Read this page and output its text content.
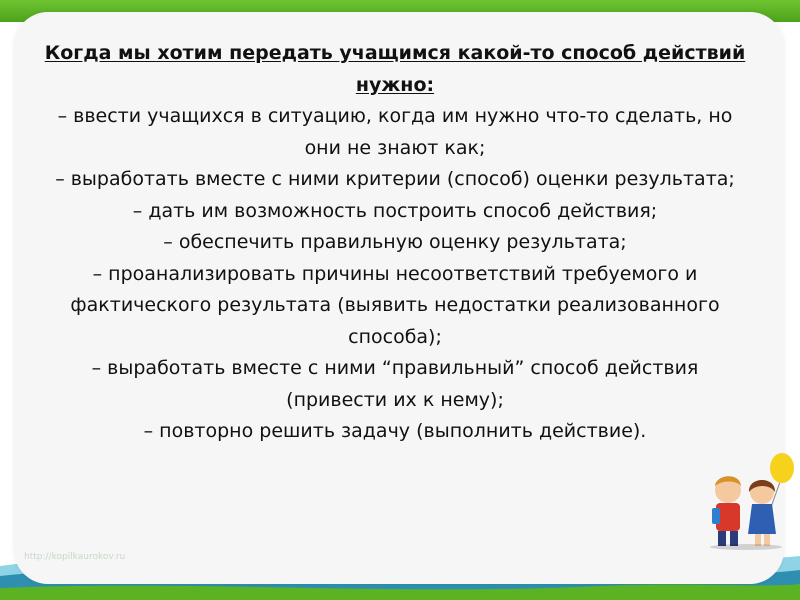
Когда мы хотим передать учащимся какой-то способ действий нужно:
– ввести учащихся в ситуацию, когда им нужно что-то сделать, но они не знают как;
– выработать вместе с ними критерии (способ) оценки результата;
– дать им возможность построить способ действия;
– обеспечить правильную оценку результата;
– проанализировать причины несоответствий требуемого и фактического результата (выявить недостатки реализованного способа);
– выработать вместе с ними “правильный” способ действия (привести их к нему);
– повторно решить задачу (выполнить действие).
http://kopilkaurokov.ru
